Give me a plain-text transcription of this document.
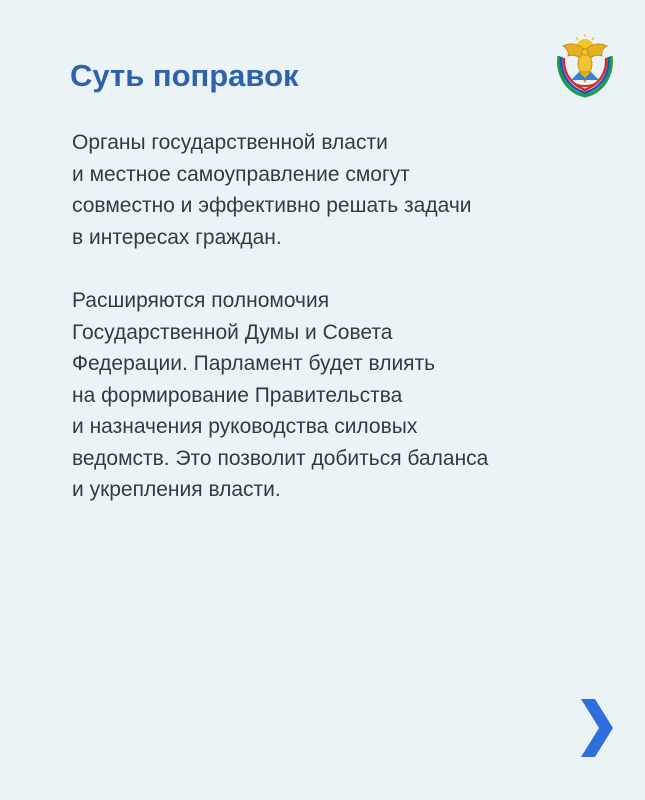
Суть поправок

Органы государственной власти
и местное самоуправление смогут
совместно и эффективно решать задачи
в интересах граждан.

Расширяются полномочия
Государственной Думы и Совета
Федерации. Парламент будет влиять
на формирование Правительства
и назначения руководства силовых
ведомств. Это позволит добиться баланса
и укрепления власти.
